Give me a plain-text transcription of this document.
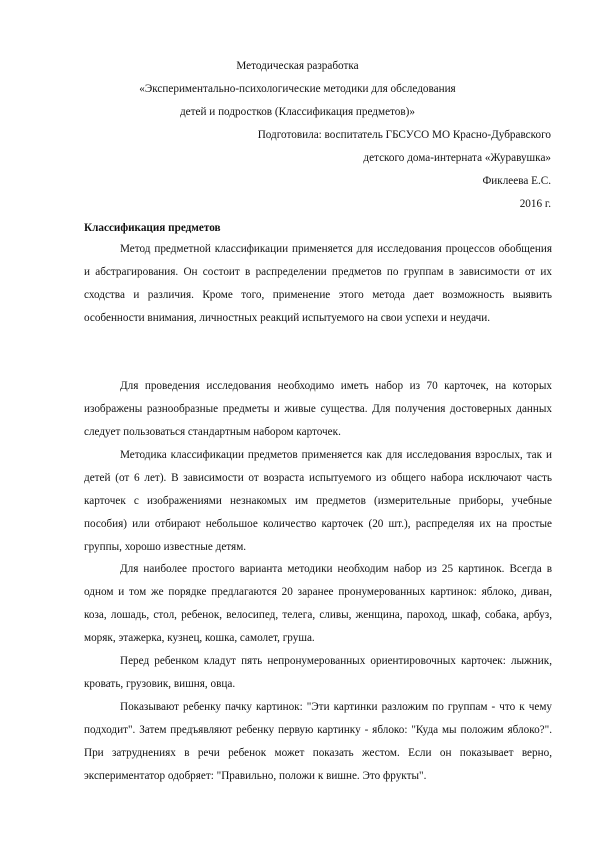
Методическая разработка
«Экспериментально-психологические методики для обследования
детей и подростков (Классификация предметов)»
Подготовила: воспитатель ГБСУСО МО Красно-Дубравского
детского дома-интерната «Журавушка»
Фиклеева Е.С.
2016 г.
Классификация предметов
Метод предметной классификации применяется для исследования процессов обобщения и абстрагирования. Он состоит в распределении предметов по группам в зависимости от их сходства и различия. Кроме того, применение этого метода дает возможность выявить особенности внимания, личностных реакций испытуемого на свои успехи и неудачи.
Для проведения исследования необходимо иметь набор из 70 карточек, на которых изображены разнообразные предметы и живые существа. Для получения достоверных данных следует пользоваться стандартным набором карточек.
Методика классификации предметов применяется как для исследования взрослых, так и детей (от 6 лет). В зависимости от возраста испытуемого из общего набора исключают часть карточек с изображениями незнакомых им предметов (измерительные приборы, учебные пособия) или отбирают небольшое количество карточек (20 шт.), распределяя их на простые группы, хорошо известные детям.
Для наиболее простого варианта методики необходим набор из 25 картинок. Всегда в одном и том же порядке предлагаются 20 заранее пронумерованных картинок: яблоко, диван, коза, лошадь, стол, ребенок, велосипед, телега, сливы, женщина, пароход, шкаф, собака, арбуз, моряк, этажерка, кузнец, кошка, самолет, груша.
Перед ребенком кладут пять непронумерованных ориентировочных карточек: лыжник, кровать, грузовик, вишня, овца.
Показывают ребенку пачку картинок: "Эти картинки разложим по группам - что к чему подходит". Затем предъявляют ребенку первую картинку - яблоко: "Куда мы положим яблоко?". При затруднениях в речи ребенок может показать жестом. Если он показывает верно, экспериментатор одобряет: "Правильно, положи к вишне. Это фрукты".
